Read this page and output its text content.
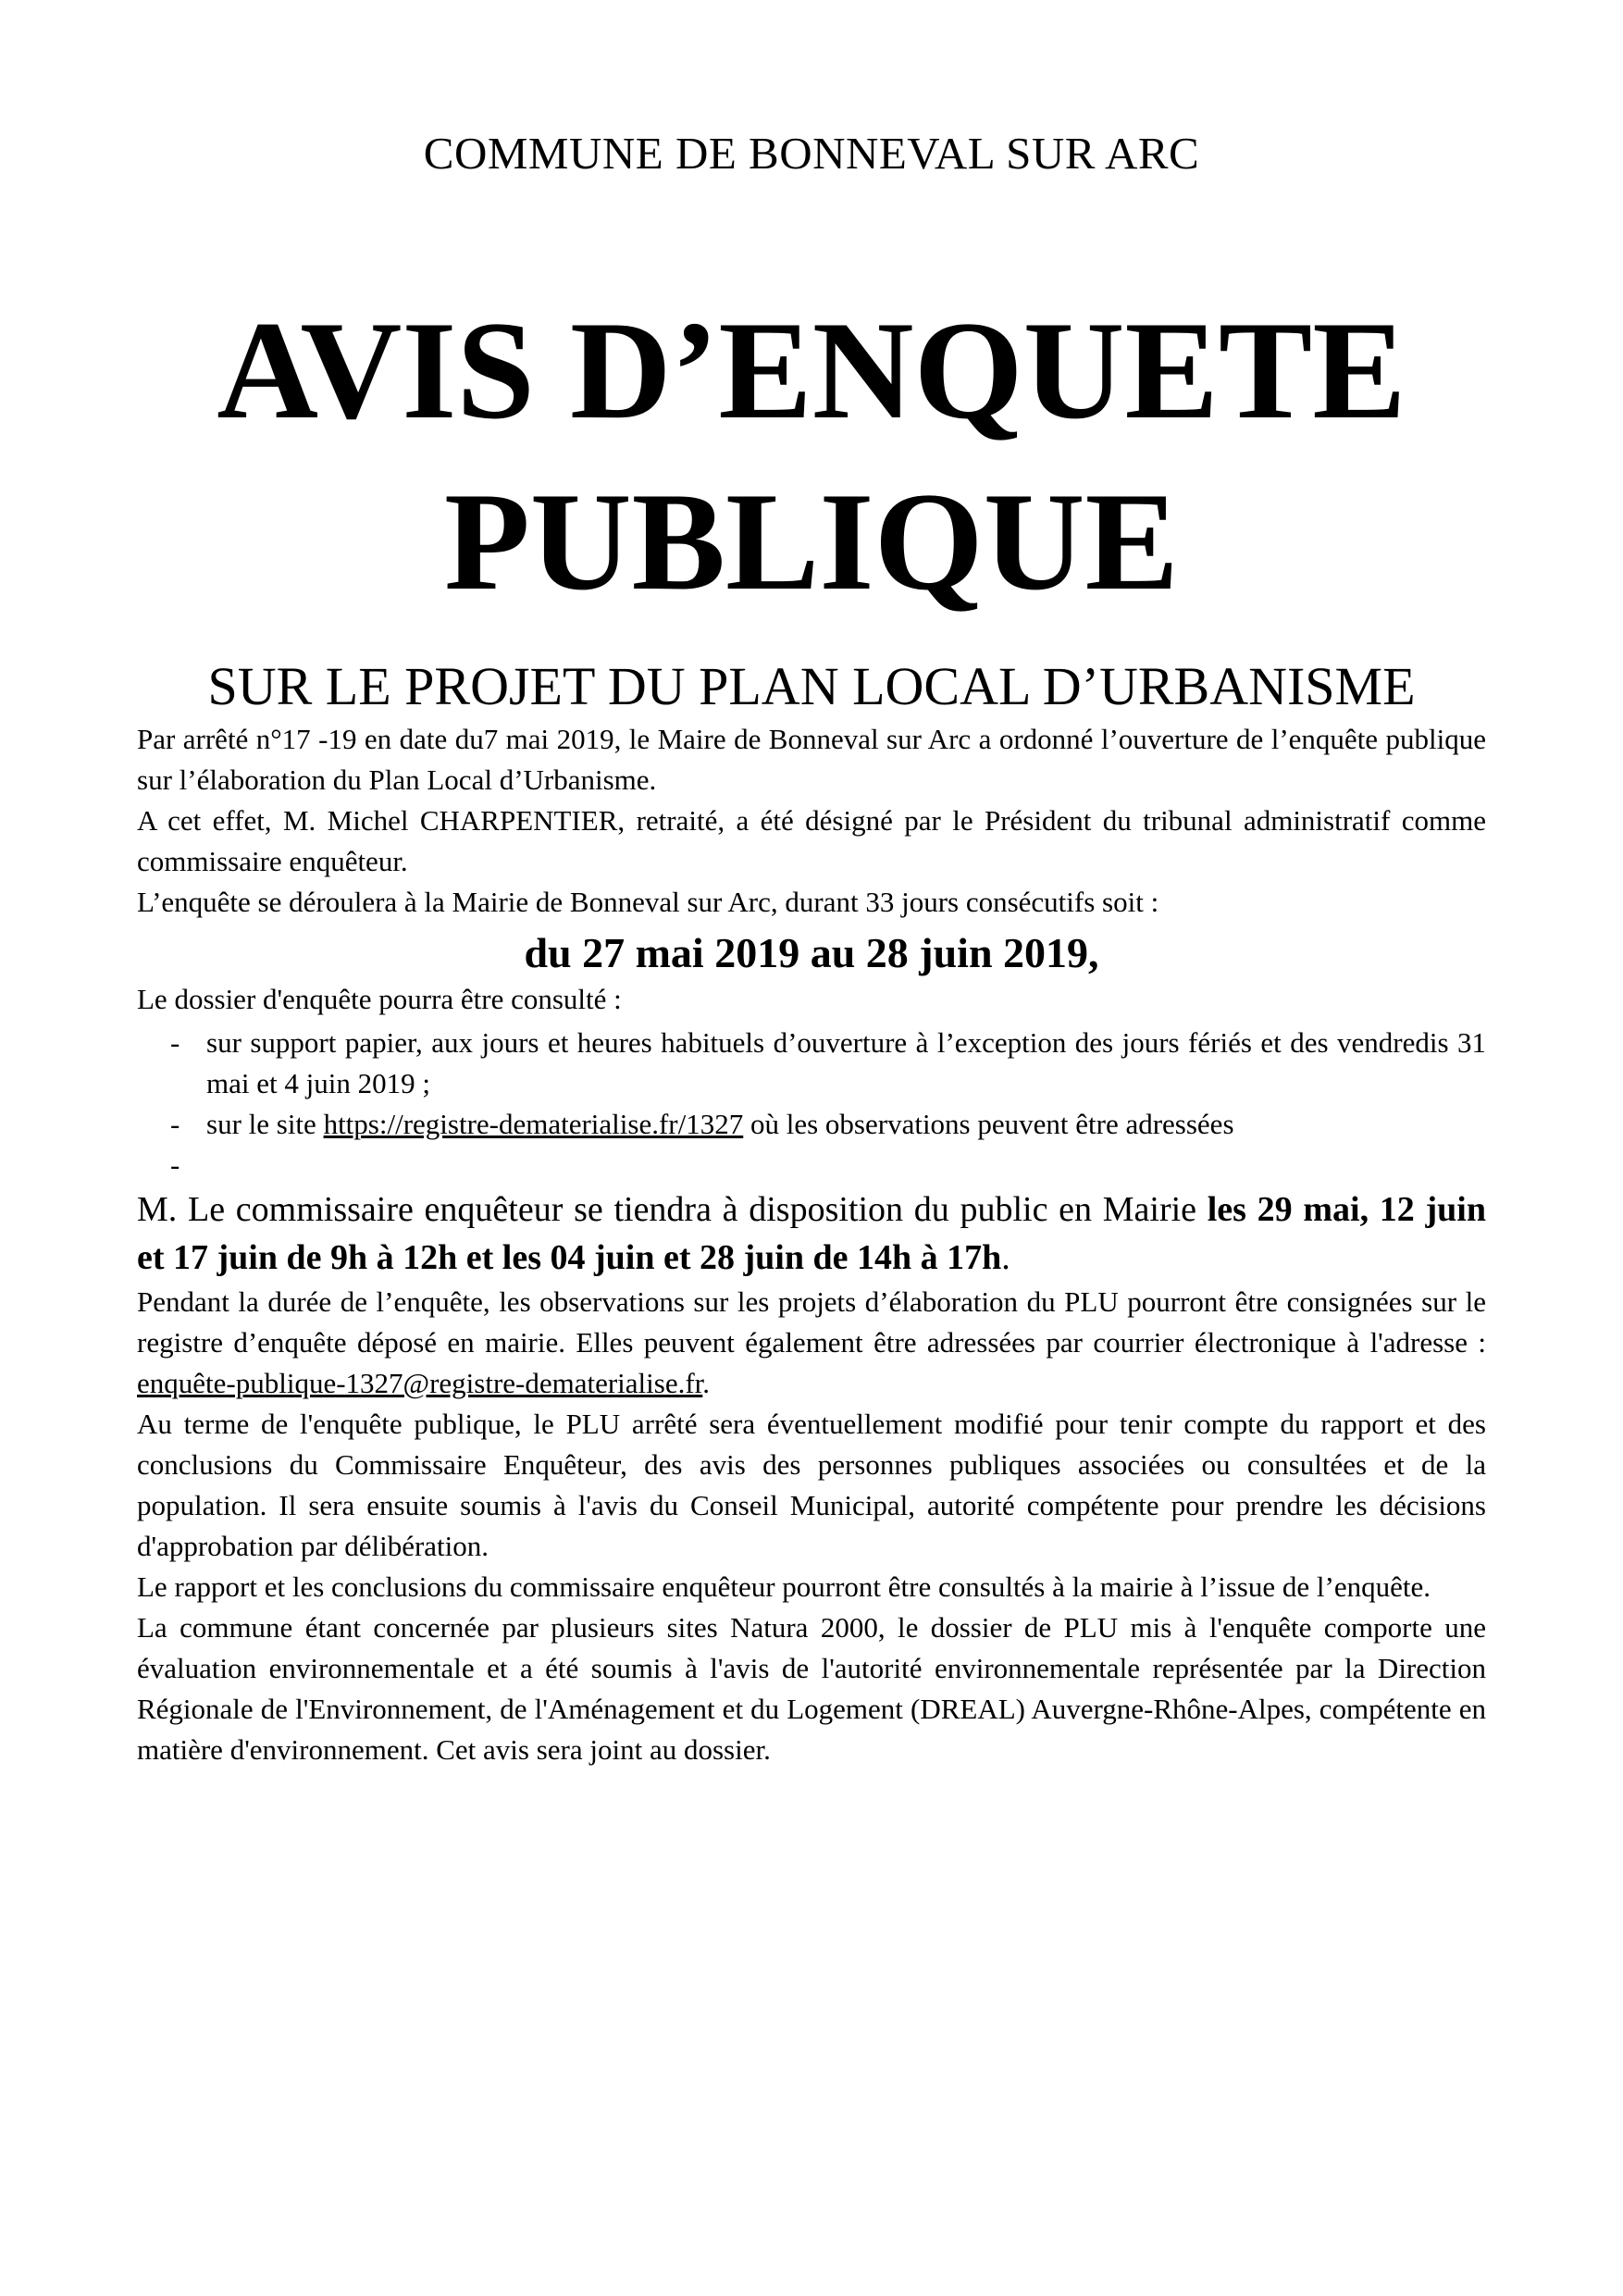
COMMUNE DE BONNEVAL SUR ARC
AVIS D’ENQUETE
PUBLIQUE
SUR LE PROJET DU PLAN LOCAL D’URBANISME

Par arrêté n°17 -19 en date du7 mai 2019, le Maire de Bonneval sur Arc a ordonné l’ouverture de l’enquête publique sur l’élaboration du Plan Local d’Urbanisme.

A cet effet, M. Michel CHARPENTIER, retraité, a été désigné par le Président du tribunal administratif comme commissaire enquêteur.

L’enquête se déroulera à la Mairie de Bonneval sur Arc, durant 33 jours consécutifs soit :

du 27 mai 2019 au 28 juin 2019,

Le dossier d'enquête pourra être consulté :

- sur support papier, aux jours et heures habituels d’ouverture à l’exception des jours fériés et des vendredis 31 mai et 4 juin 2019 ;
- sur le site https://registre-dematerialise.fr/1327 où les observations peuvent être adressées
-

M. Le commissaire enquêteur se tiendra à disposition du public en Mairie les 29 mai, 12 juin et 17 juin de 9h à 12h et les 04 juin et 28 juin de 14h à 17h.

Pendant la durée de l’enquête, les observations sur les projets d’élaboration du PLU pourront être consignées sur le registre d’enquête déposé en mairie. Elles peuvent également être adressées par courrier électronique à l'adresse : enquête-publique-1327@registre-dematerialise.fr.

Au terme de l'enquête publique, le PLU arrêté sera éventuellement modifié pour tenir compte du rapport et des conclusions du Commissaire Enquêteur, des avis des personnes publiques associées ou consultées et de la population. Il sera ensuite soumis à l'avis du Conseil Municipal, autorité compétente pour prendre les décisions d'approbation par délibération.

Le rapport et les conclusions du commissaire enquêteur pourront être consultés à la mairie à l’issue de l’enquête.

La commune étant concernée par plusieurs sites Natura 2000, le dossier de PLU mis à l'enquête comporte une évaluation environnementale et a été soumis à l'avis de l'autorité environnementale représentée par la Direction Régionale de l'Environnement, de l'Aménagement et du Logement (DREAL) Auvergne-Rhône-Alpes, compétente en matière d'environnement. Cet avis sera joint au dossier.
